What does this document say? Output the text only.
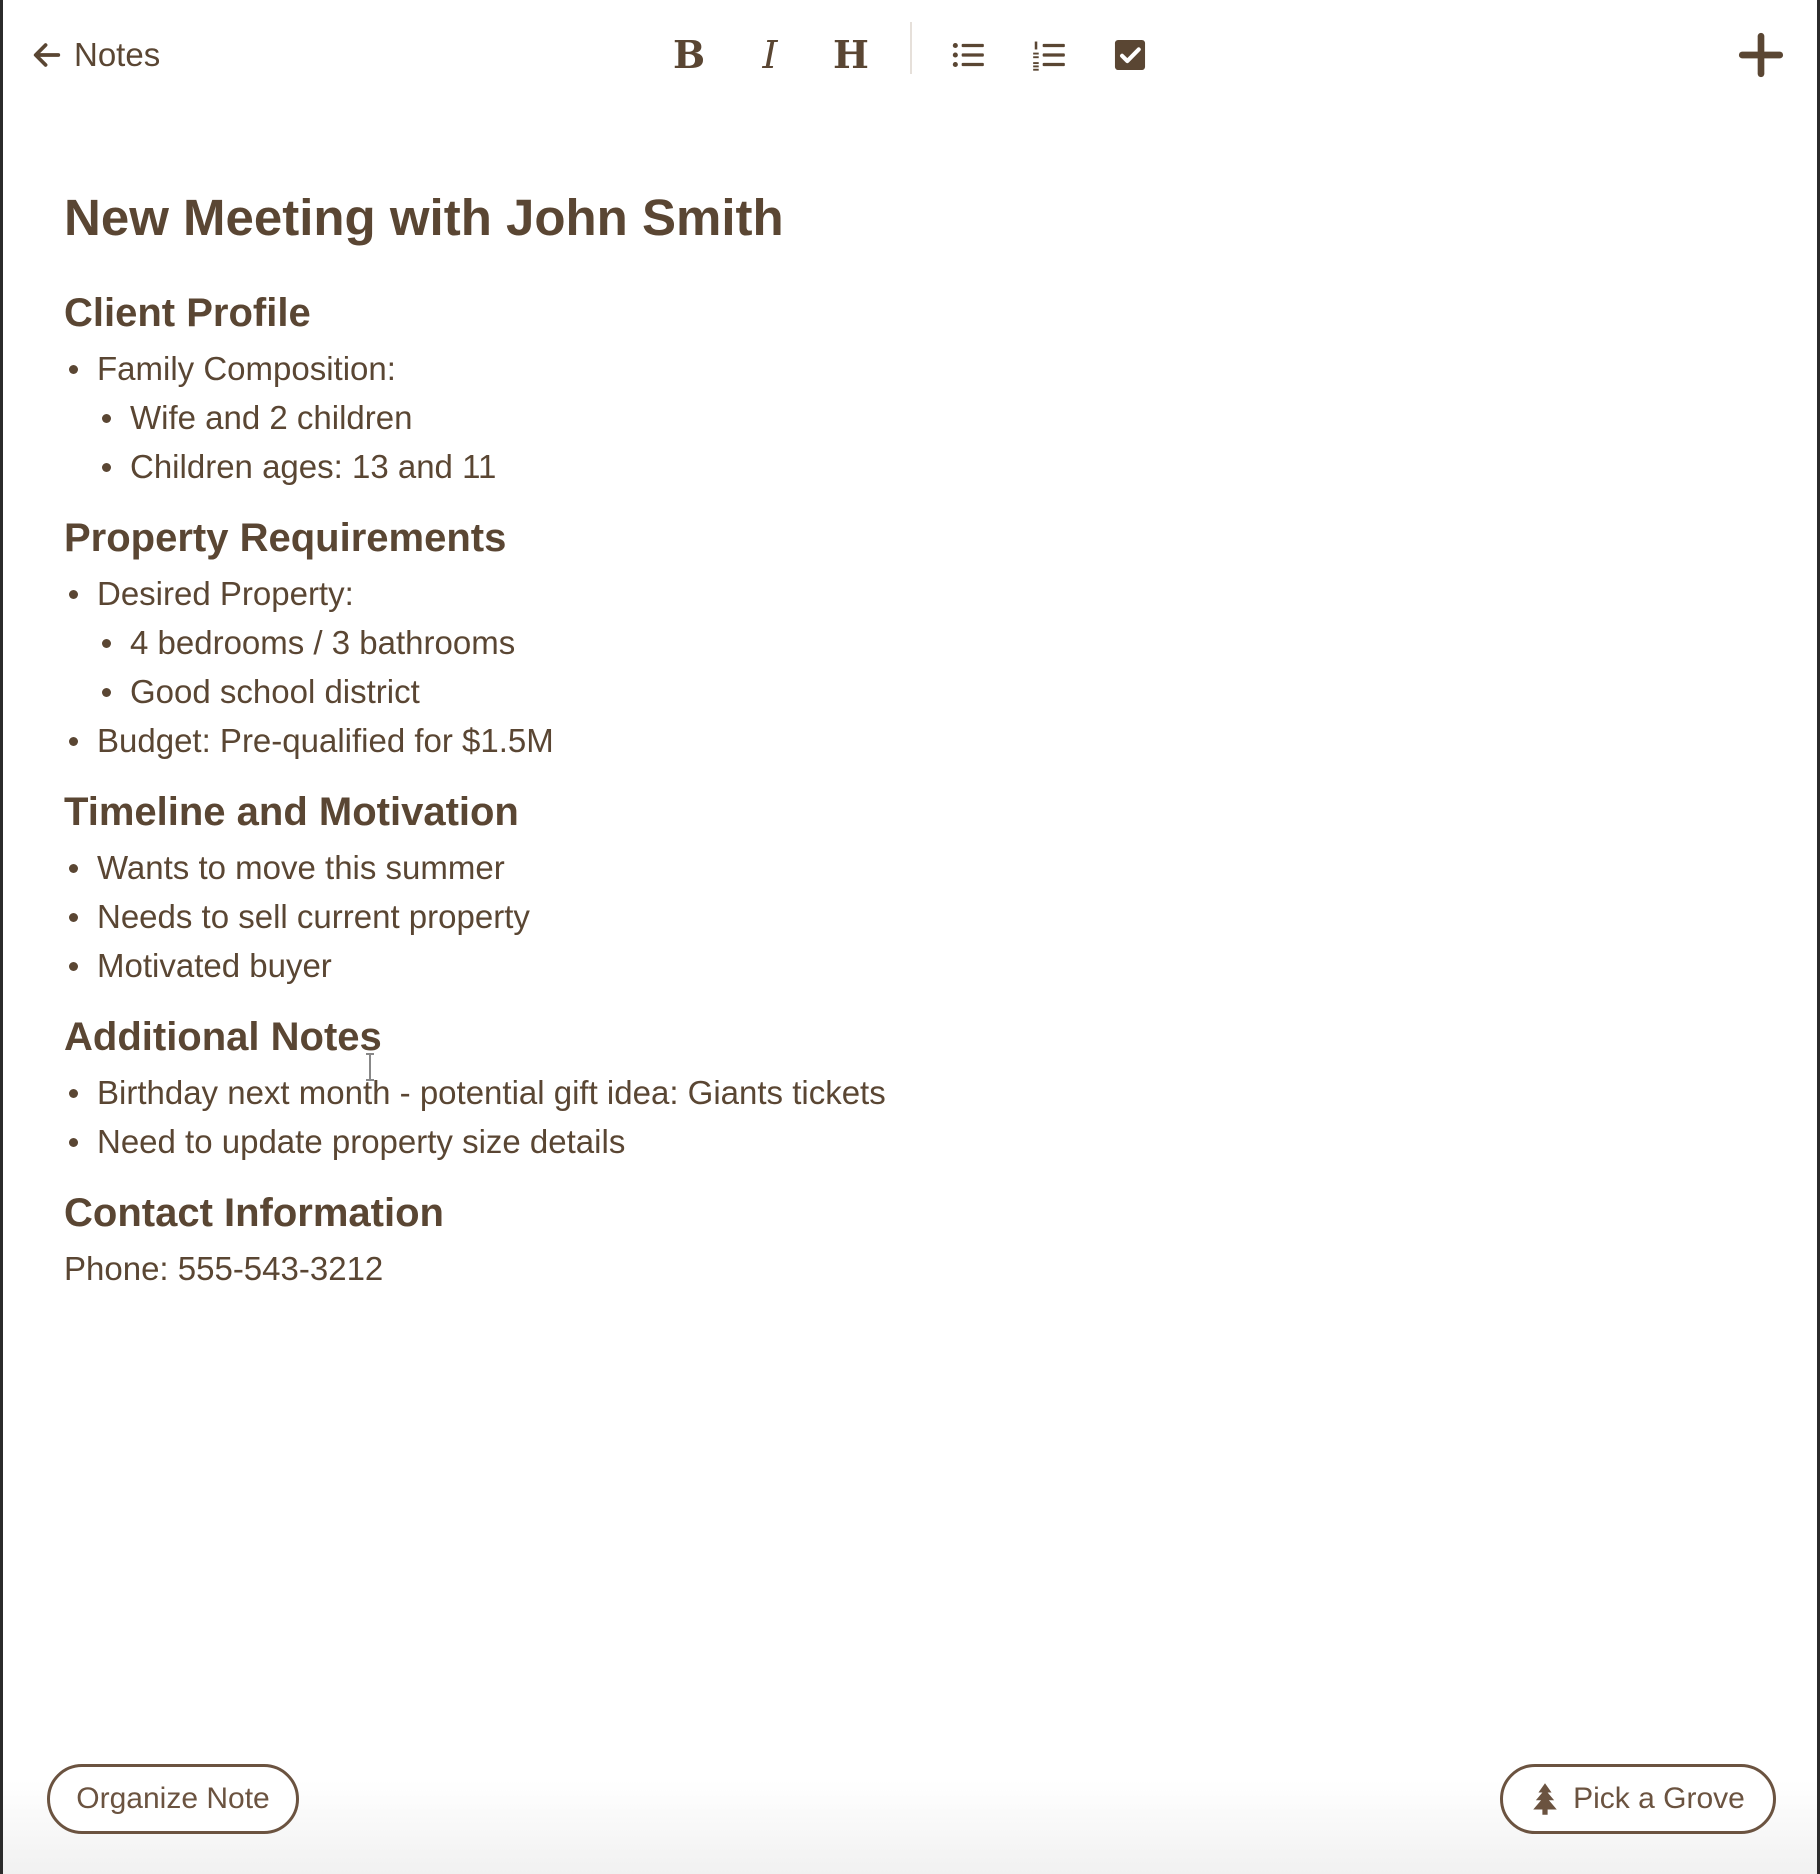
Notes	B I H
New Meeting with John Smith
Client Profile
Family Composition:
Wife and 2 children
Children ages: 13 and 11
Property Requirements
Desired Property:
4 bedrooms / 3 bathrooms
Good school district
Budget: Pre-qualified for $1.5M
Timeline and Motivation
Wants to move this summer
Needs to sell current property
Motivated buyer
Additional Notes
Birthday next month - potential gift idea: Giants tickets
Need to update property size details
Contact Information
Phone: 555-543-3212
Organize Note	Pick a Grove
